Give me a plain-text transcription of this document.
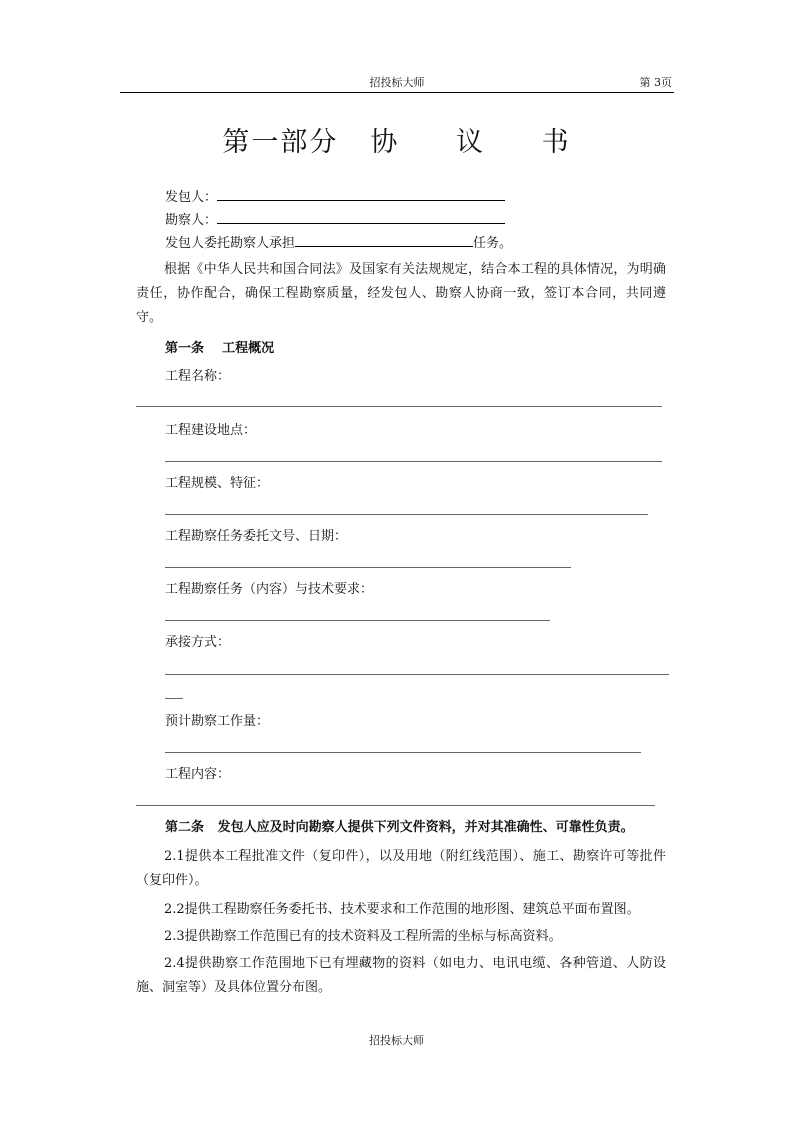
招投标大师	第 3页
第一部分 协 议 书
发包人：
勘察人：
发包人委托勘察人承担	任务。
根据《中华人民共和国合同法》及国家有关法规规定，结合本工程的具体情况，为明确责任，协作配合，确保工程勘察质量，经发包人、勘察人协商一致，签订本合同，共同遵守。
第一条 工程概况
工程名称：
工程建设地点：
工程规模、特征：
工程勘察任务委托文号、日期：
工程勘察任务（内容）与技术要求：
承接方式：
预计勘察工作量：
工程内容：
第二条 发包人应及时向勘察人提供下列文件资料，并对其准确性、可靠性负责。
2.1提供本工程批准文件（复印件），以及用地（附红线范围）、施工、勘察许可等批件（复印件）。
2.2提供工程勘察任务委托书、技术要求和工作范围的地形图、建筑总平面布置图。
2.3提供勘察工作范围已有的技术资料及工程所需的坐标与标高资料。
2.4提供勘察工作范围地下已有埋藏物的资料（如电力、电讯电缆、各种管道、人防设施、洞室等）及具体位置分布图。
招投标大师
